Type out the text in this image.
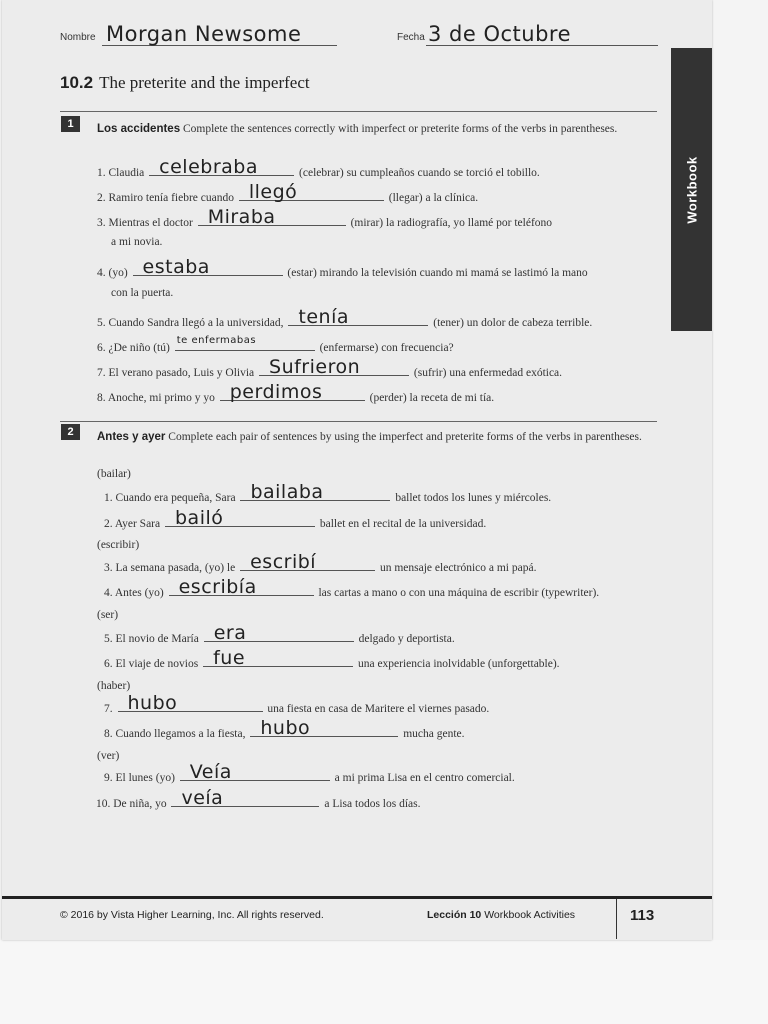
Nombre Morgan Newsome	Fecha 3 de Octubre
10.2 The preterite and the imperfect
Workbook
1	Los accidentes Complete the sentences correctly with imperfect or preterite forms of the verbs in parentheses.
1. Claudia celebraba	(celebrar) su cumpleaños cuando se torció el tobillo.
2. Ramiro tenía fiebre cuando llegó	(llegar) a la clínica.
3. Mientras el doctor Miraba	(mirar) la radiografía, yo llamé por teléfono
a mi novia.
4. (yo) estaba	(estar) mirando la televisión cuando mi mamá se lastimó la mano
con la puerta.
5. Cuando Sandra llegó a la universidad, tenía	(tener) un dolor de cabeza terrible.
6. ¿De niño (tú)
te enfermabas
(enfermarse) con frecuencia?
7. El verano pasado, Luis y Olivia Sufrieron	(sufrir) una enfermedad exótica.
8. Anoche, mi primo y yo perdimos	(perder) la receta de mi tía.
2	Antes y ayer Complete each pair of sentences by using the imperfect and preterite forms of the verbs in parentheses.
(bailar)
1. Cuando era pequeña, Sara bailaba	ballet todos los lunes y miércoles.
2. Ayer Sara bailó	ballet en el recital de la universidad.
(escribir)
3. La semana pasada, (yo) le escribí	un mensaje electrónico a mi papá.
4. Antes (yo) escribía	las cartas a mano o con una máquina de escribir (typewriter).
(ser)
5. El novio de María era	delgado y deportista.
6. El viaje de novios fue	una experiencia inolvidable (unforgettable).
(haber)
7. hubo	una fiesta en casa de Maritere el viernes pasado.
8. Cuando llegamos a la fiesta, hubo	mucha gente.
(ver)
9. El lunes (yo) Veía	a mi prima Lisa en el centro comercial.
10. De niña, yo veía	a Lisa todos los días.
© 2016 by Vista Higher Learning, Inc. All rights reserved.	Lección 10 Workbook Activities	113
